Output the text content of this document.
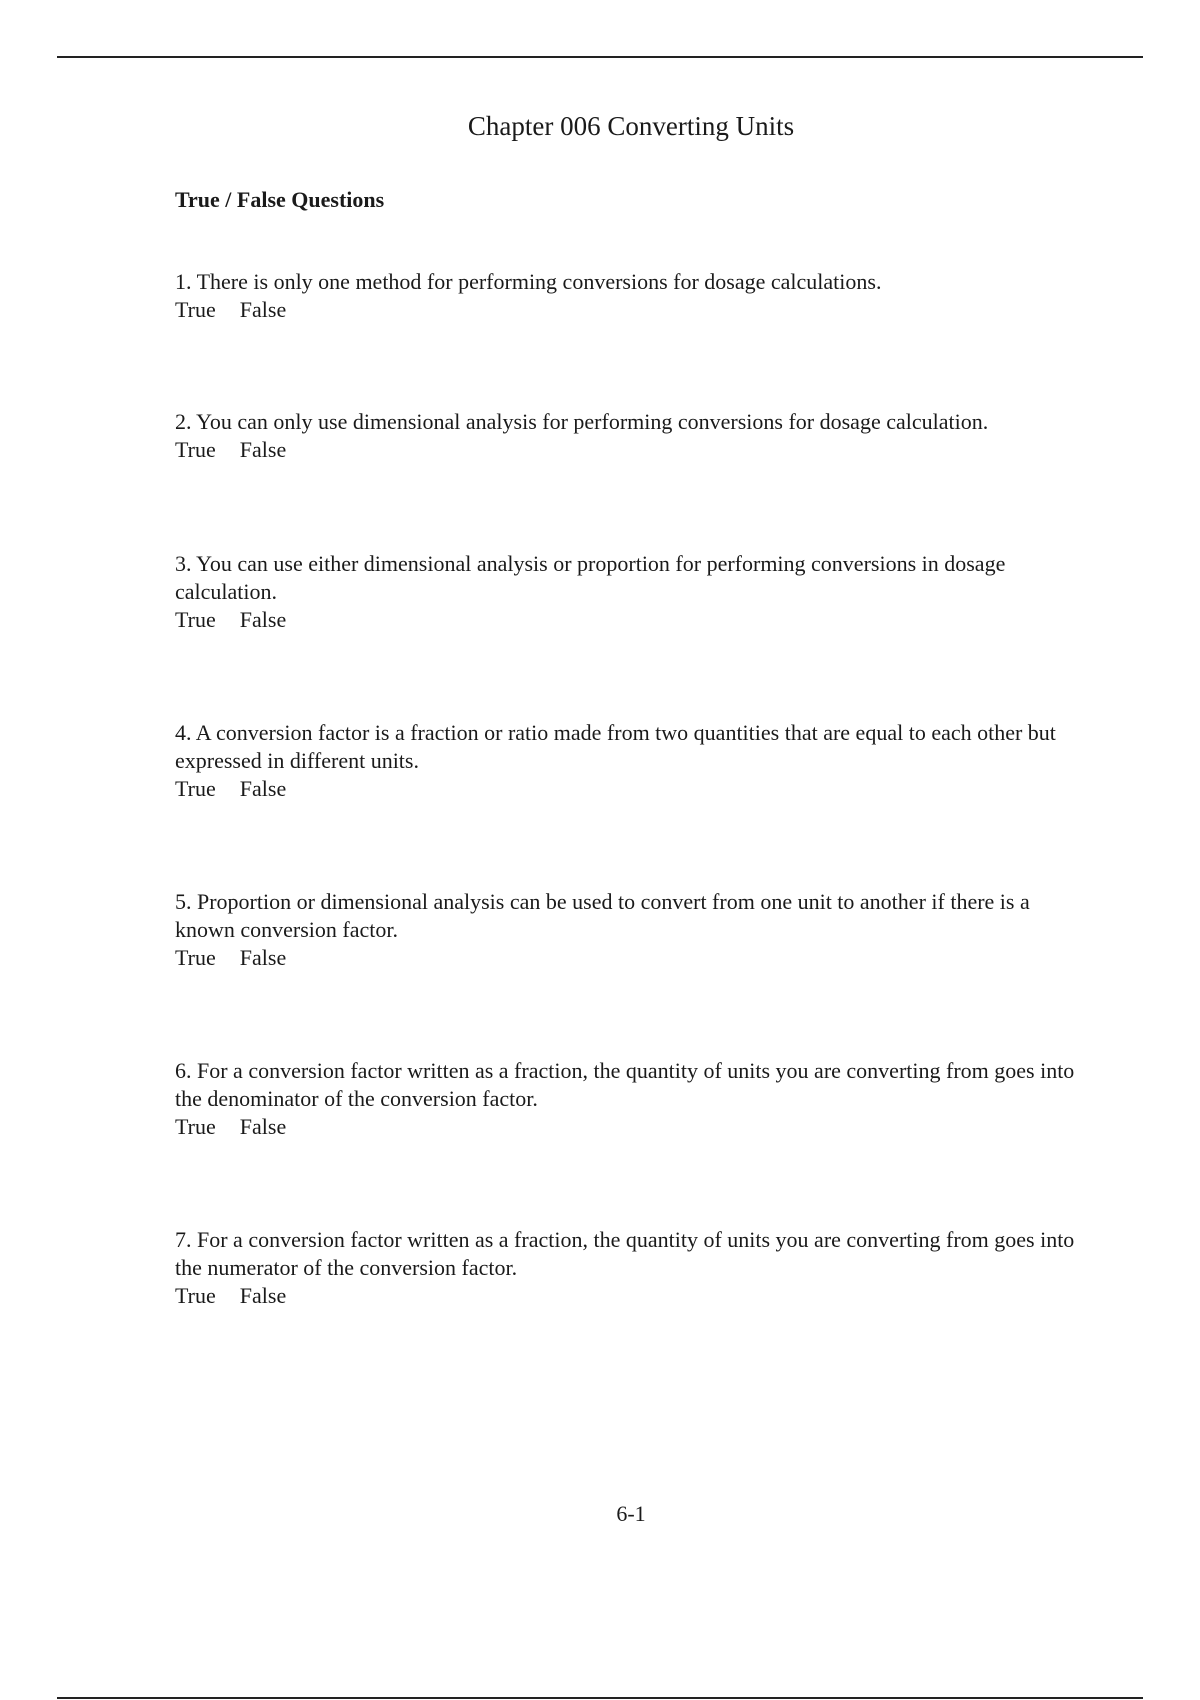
Chapter 006 Converting Units
True / False Questions

1. There is only one method for performing conversions for dosage calculations.

True False

2. You can only use dimensional analysis for performing conversions for dosage calculation.

True False

3. You can use either dimensional analysis or proportion for performing conversions in dosage calculation.

True False

4. A conversion factor is a fraction or ratio made from two quantities that are equal to each other but expressed in different units.

True False

5. Proportion or dimensional analysis can be used to convert from one unit to another if there is a known conversion factor.

True False

6. For a conversion factor written as a fraction, the quantity of units you are converting from goes into the denominator of the conversion factor.

True False

7. For a conversion factor written as a fraction, the quantity of units you are converting from goes into the numerator of the conversion factor.

True False
6-1
